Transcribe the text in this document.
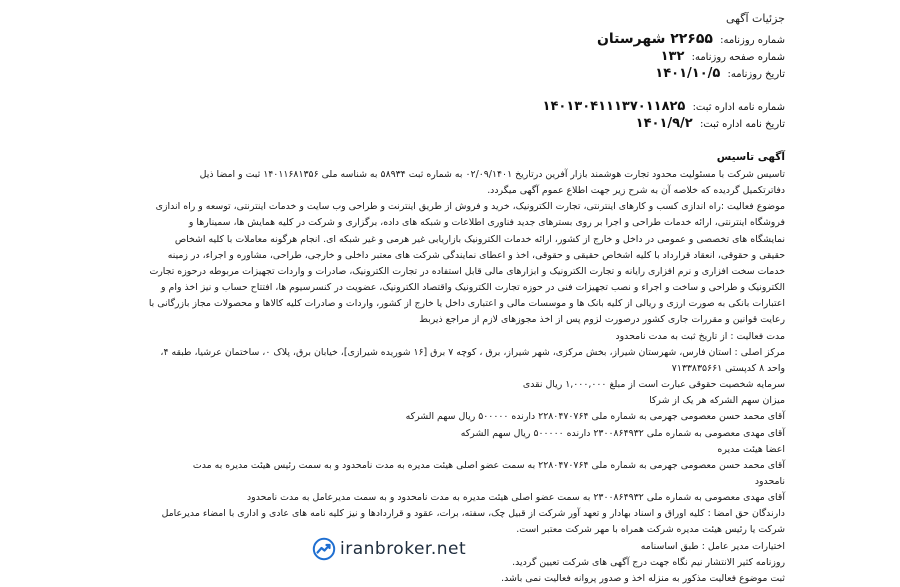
جزئیات آگهی
شماره روزنامه: ۲۲۶۵۵ شهرستان
شماره صفحه روزنامه: ۱۳۲
تاریخ روزنامه: ۱۴۰۱/۱۰/۵
شماره نامه اداره ثبت: ۱۴۰۱۳۰۴۱۱۱۳۷۰۱۱۸۲۵
تاریخ نامه اداره ثبت: ۱۴۰۱/۹/۲
آگهی تاسیس

تاسیس شرکت با مسئولیت محدود تجارت هوشمند بازار آفرین درتاریخ ۰۲/۰۹/۱۴۰۱ به شماره ثبت ۵۸۹۳۴ به شناسه ملی ۱۴۰۱۱۶۸۱۳۵۶ ثبت و امضا ذیل

دفاترتکمیل گردیده که خلاصه آن به شرح زیر جهت اطلاع عموم آگهی میگردد.

موضوع فعالیت :راه اندازی کسب و کارهای اینترنتی، تجارت الکترونیک، خرید و فروش از طریق اینترنت و طراحی وب سایت و خدمات اینترنتی، توسعه و راه اندازی

فروشگاه اینترنتی، ارائه خدمات طراحی و اجرا بر روی بسترهای جدید فناوری اطلاعات و شبکه های داده، برگزاری و شرکت در کلیه همایش ها، سمینارها و

نمایشگاه های تخصصی و عمومی در داخل و خارج از کشور، ارائه خدمات الکترونیک بازاریابی غیر هرمی و غیر شبکه ای. انجام هرگونه معاملات با کلیه اشخاص

حقیقی و حقوقی، انعقاد قرارداد با کلیه اشخاص حقیقی و حقوقی، اخذ و اعطای نمایندگی شرکت های معتبر داخلی و خارجی، طراحی، مشاوره و اجراء، در زمینه

خدمات سخت افزاری و نرم افزاری رایانه و تجارت الکترونیک و ابزارهای مالی قابل استفاده در تجارت الکترونیک، صادرات و واردات تجهیزات مربوطه درحوزه تجارت

الکترونیک و طراحی و ساخت و اجراء و نصب تجهیزات فنی در حوزه تجارت الکترونیک واقتصاد الکترونیک، عضویت در کنسرسیوم ها، افتتاح حساب و نیز اخذ وام و

اعتبارات بانکی به صورت ارزی و ریالی از کلیه بانک ها و موسسات مالی و اعتباری داخل یا خارج از کشور، واردات و صادرات کلیه کالاها و محصولات مجاز بازرگانی با

رعایت قوانین و مقررات جاری کشور درصورت لزوم پس از اخذ مجوزهای لازم از مراجع ذیربط

مدت فعالیت : از تاریخ ثبت به مدت نامحدود

مرکز اصلی : استان فارس، شهرستان شیراز، بخش مرکزی، شهر شیراز، برق ، کوچه ۷ برق [۱۶ شوریده شیرازی]، خیابان برق، پلاک ۰، ساختمان عرشیا، طبقه ۴،

واحد ۸ کدپستی ۷۱۳۳۸۳۵۶۶۱

سرمایه شخصیت حقوقی عبارت است از مبلغ ۱,۰۰۰,۰۰۰ ریال نقدی

میزان سهم الشرکه هر یک از شرکا

آقای محمد حسن معصومی جهرمی به شماره ملی ۲۲۸۰۴۷۰۷۶۴ دارنده ۵۰۰۰۰۰ ریال سهم الشرکه

آقای مهدی معصومی به شماره ملی ۲۳۰۰۸۶۴۹۳۲ دارنده ۵۰۰۰۰۰ ریال سهم الشرکه

اعضا هیئت مدیره

آقای محمد حسن معصومی جهرمی به شماره ملی ۲۲۸۰۴۷۰۷۶۴ به سمت عضو اصلی هیئت مدیره به مدت نامحدود و به سمت رئیس هیئت مدیره به مدت

نامحدود

آقای مهدی معصومی به شماره ملی ۲۳۰۰۸۶۴۹۳۲ به سمت عضو اصلی هیئت مدیره به مدت نامحدود و به سمت مدیرعامل به مدت نامحدود

دارندگان حق امضا : کلیه اوراق و اسناد بهادار و تعهد آور شرکت از قبیل چک، سفته، برات، عقود و قراردادها و نیز کلیه نامه های عادی و اداری با امضاء مدیرعامل

شرکت یا رئیس هیئت مدیره شرکت همراه با مهر شرکت معتبر است.

اختیارات مدیر عامل : طبق اساسنامه

روزنامه کثیر الانتشار نیم نگاه جهت درج آگهی های شرکت تعیین گردید.

ثبت موضوع فعالیت مذکور به منزله اخذ و صدور پروانه فعالیت نمی باشد.

iranbroker.net
